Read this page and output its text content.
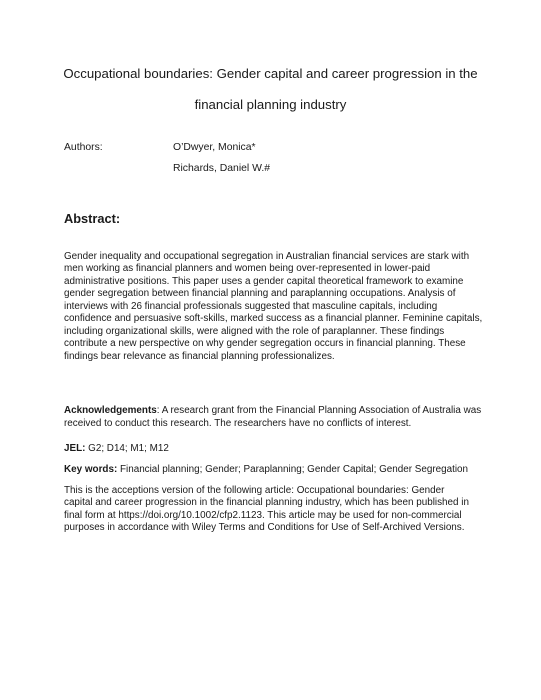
Occupational boundaries: Gender capital and career progression in the
financial planning industry
Authors:	O’Dwyer, Monica*
Richards, Daniel W.#
Abstract:
Gender inequality and occupational segregation in Australian financial services are stark with men working as financial planners and women being over-represented in lower-paid administrative positions. This paper uses a gender capital theoretical framework to examine gender segregation between financial planning and paraplanning occupations. Analysis of interviews with 26 financial professionals suggested that masculine capitals, including confidence and persuasive soft-skills, marked success as a financial planner. Feminine capitals, including organizational skills, were aligned with the role of paraplanner. These findings contribute a new perspective on why gender segregation occurs in financial planning. These findings bear relevance as financial planning professionalizes.
Acknowledgements: A research grant from the Financial Planning Association of Australia was received to conduct this research. The researchers have no conflicts of interest.
JEL: G2; D14; M1; M12
Key words: Financial planning; Gender; Paraplanning; Gender Capital; Gender Segregation
This is the acceptions version of the following article: Occupational boundaries: Gender capital and career progression in the financial planning industry, which has been published in final form at https://doi.org/10.1002/cfp2.1123. This article may be used for non-commercial purposes in accordance with Wiley Terms and Conditions for Use of Self-Archived Versions.
